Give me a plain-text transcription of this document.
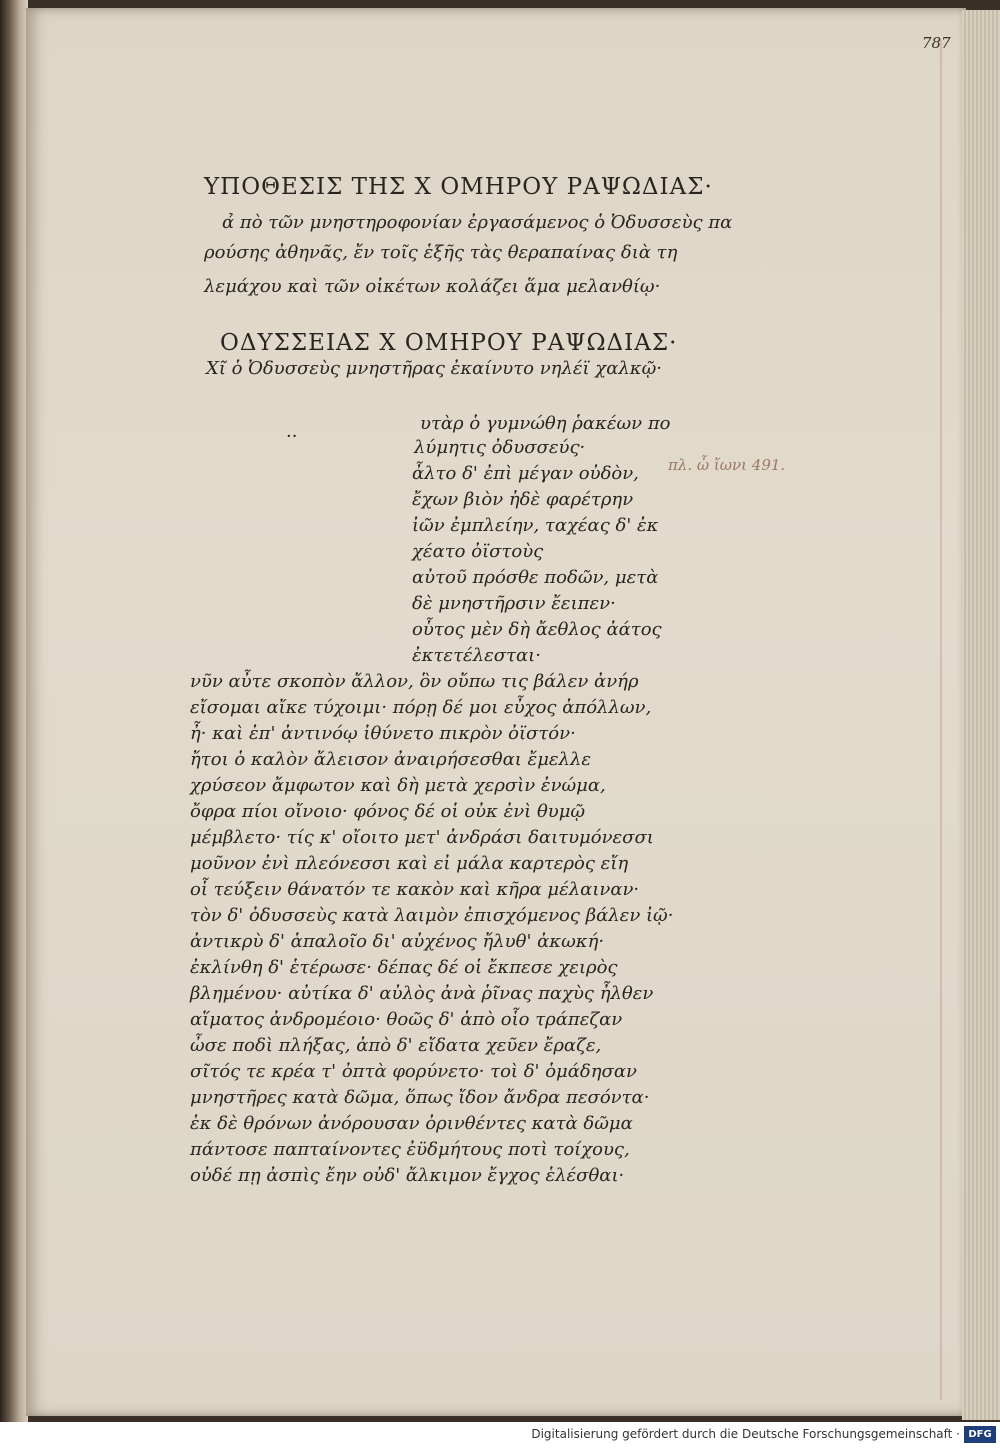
787
ΥΠΟΘΕΣΙΣ ΤΗΣ Χ ΟΜΗΡΟΥ ΡΑΨΩΔΙΑΣ·
α̉ πὸ τῶν μνηστηροφονίαν ἐργασάμενος ὁ Ὀδυσσεὺς πα
ρούσης ἀθηνᾶς, ἔν τοῖς ἑξῆς τὰς θεραπαίνας διὰ τη
λεμάχου καὶ τῶν οἰκέτων κολάζει ἅμα μελανθίῳ·
ΟΔΥΣΣΕΙΑΣ Χ ΟΜΗΡΟΥ ΡΑΨΩΔΙΑΣ·
Χῖ ὁ Ὀδυσσεὺς μνηστῆρας ἐκαίνυτο νηλέϊ χαλκῷ·
··
πλ. ὦ ἴωνι 491.
υτὰρ ὁ γυμνώθη ῥακέων πο
λύμητις ὀδυσσεύς·
ἆλτο δ' ἐπὶ μέγαν οὐδὸν,
ἔχων βιὸν ἠδὲ φαρέτρην
ἰῶν ἐμπλείην, ταχέας δ' ἐκ
χέατο ὀϊστοὺς
αὐτοῦ πρόσθε ποδῶν, μετὰ
δὲ μνηστῆρσιν ἔειπεν·
οὗτος μὲν δὴ ἄεθλος ἀάτος
ἐκτετέλεσται·
νῦν αὖτε σκοπὸν ἄλλον, ὃν οὔπω τις βάλεν ἀνήρ
εἴσομαι αἴκε τύχοιμι· πόρῃ δέ μοι εὖχος ἀπόλλων,
ἦ· καὶ ἐπ' ἀντινόῳ ἰθύνετο πικρὸν ὀϊστόν·
ἤτοι ὁ καλὸν ἄλεισον ἀναιρήσεσθαι ἔμελλε
χρύσεον ἄμφωτον καὶ δὴ μετὰ χερσὶν ἐνώμα,
ὄφρα πίοι οἴνοιο· φόνος δέ οἱ οὐκ ἐνὶ θυμῷ
μέμβλετο· τίς κ' οἴοιτο μετ' ἀνδράσι δαιτυμόνεσσι
μοῦνον ἐνὶ πλεόνεσσι καὶ εἰ μάλα καρτερὸς εἴη
οἷ τεύξειν θάνατόν τε κακὸν καὶ κῆρα μέλαιναν·
τὸν δ' ὀδυσσεὺς κατὰ λαιμὸν ἐπισχόμενος βάλεν ἰῷ·
ἀντικρὺ δ' ἁπαλοῖο δι' αὐχένος ἤλυθ' ἀκωκή·
ἐκλίνθη δ' ἑτέρωσε· δέπας δέ οἱ ἔκπεσε χειρὸς
βλημένου· αὐτίκα δ' αὐλὸς ἀνὰ ῥῖνας παχὺς ἦλθεν
αἵματος ἀνδρομέοιο· θοῶς δ' ἀπὸ οἷο τράπεζαν
ὦσε ποδὶ πλήξας, ἀπὸ δ' εἴδατα χεῦεν ἔραζε,
σῖτός τε κρέα τ' ὀπτὰ φορύνετο· τοὶ δ' ὁμάδησαν
μνηστῆρες κατὰ δῶμα, ὅπως ἴδον ἄνδρα πεσόντα·
ἐκ δὲ θρόνων ἀνόρουσαν ὀρινθέντες κατὰ δῶμα
πάντοσε παπταίνοντες ἐϋδμήτους ποτὶ τοίχους,
οὐδέ πῃ ἀσπὶς ἔην οὐδ' ἄλκιμον ἔγχος ἑλέσθαι·
Digitalisierung gefördert durch die Deutsche Forschungsgemeinschaft · DFG
